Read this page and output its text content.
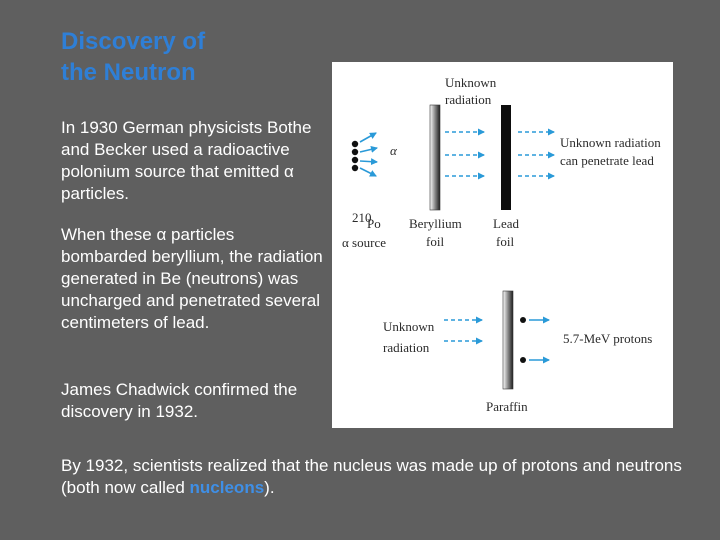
Discovery of
the Neutron

In 1930 German physicists Bothe and Becker used a radioactive polonium source that emitted α particles.

When these α particles bombarded beryllium, the radiation generated in Be (neutrons) was uncharged and penetrated several centimeters of lead.

James Chadwick confirmed the discovery in 1932.

By 1932, scientists realized that the nucleus was made up of protons and neutrons (both now called nucleons).

Unknown
radiation
α
Unknown radiation
can penetrate lead
210
Po
α source
Beryllium
foil
Lead
foil
Unknown
radiation
5.7-MeV protons
Paraffin
